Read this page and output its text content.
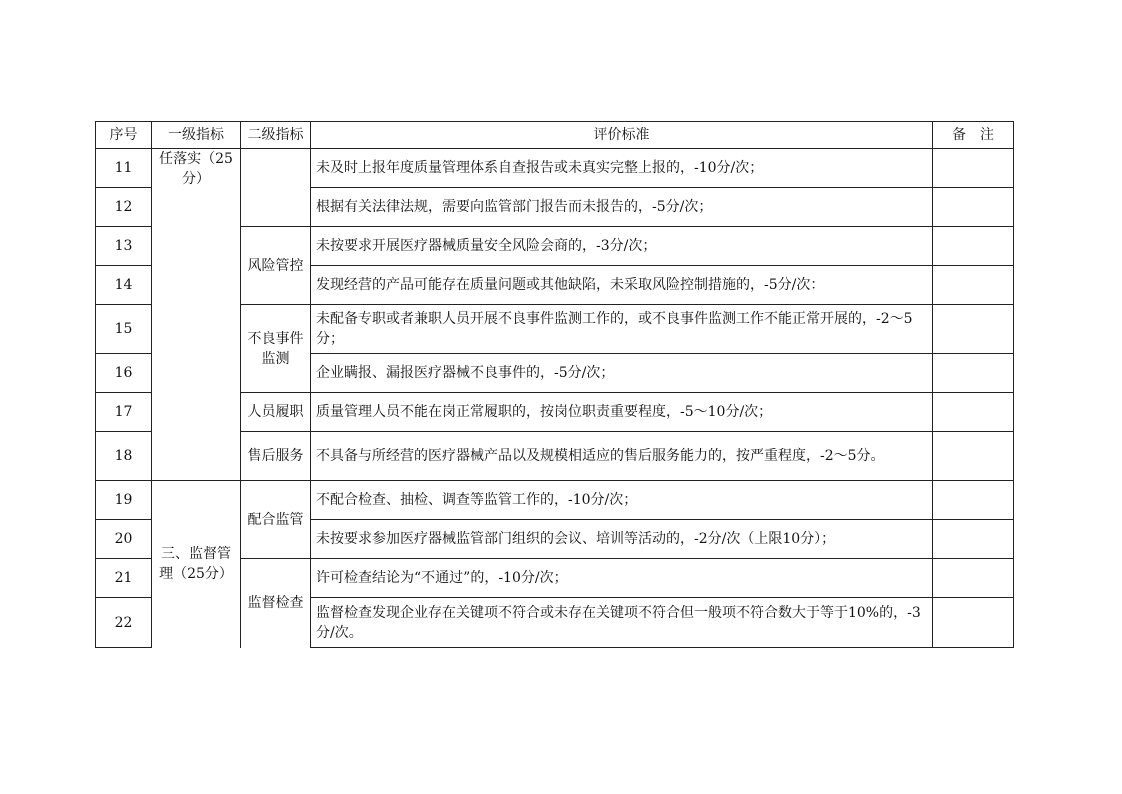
序号	一级指标	二级指标	评价标准	备　注
11	任落实（25分）		未及时上报年度质量管理体系自查报告或未真实完整上报的，-10分/次；	
12			根据有关法律法规，需要向监管部门报告而未报告的，-5分/次；	
13		风险管控	未按要求开展医疗器械质量安全风险会商的，-3分/次；	
14			发现经营的产品可能存在质量问题或其他缺陷，未采取风险控制措施的，-5分/次：	
15		不良事件监测	未配备专职或者兼职人员开展不良事件监测工作的，或不良事件监测工作不能正常开展的，-2～5分；	
16			企业瞒报、漏报医疗器械不良事件的，-5分/次；	
17		人员履职	质量管理人员不能在岗正常履职的，按岗位职责重要程度，-5～10分/次；	
18		售后服务	不具备与所经营的医疗器械产品以及规模相适应的售后服务能力的，按严重程度，-2～5分。	
19	三、监督管理（25分）	配合监管	不配合检查、抽检、调查等监管工作的，-10分/次；	
20			未按要求参加医疗器械监管部门组织的会议、培训等活动的，-2分/次（上限10分）；	
21		监督检查	许可检查结论为“不通过”的，-10分/次；	
22			监督检查发现企业存在关键项不符合或未存在关键项不符合但一般项不符合数大于等于10%的，-3分/次。	
